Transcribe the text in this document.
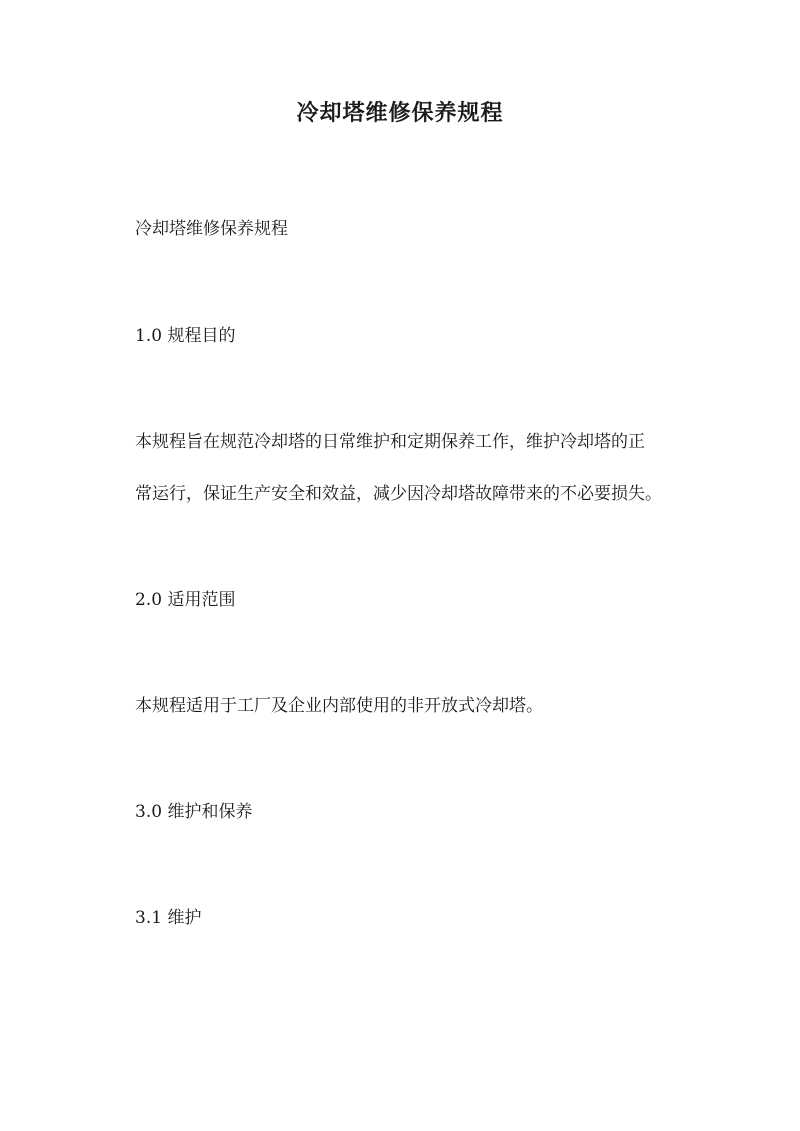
冷却塔维修保养规程
冷却塔维修保养规程
1.0 规程目的
本规程旨在规范冷却塔的日常维护和定期保养工作，维护冷却塔的正
常运行，保证生产安全和效益，减少因冷却塔故障带来的不必要损失。
2.0 适用范围
本规程适用于工厂及企业内部使用的非开放式冷却塔。
3.0 维护和保养
3.1 维护
